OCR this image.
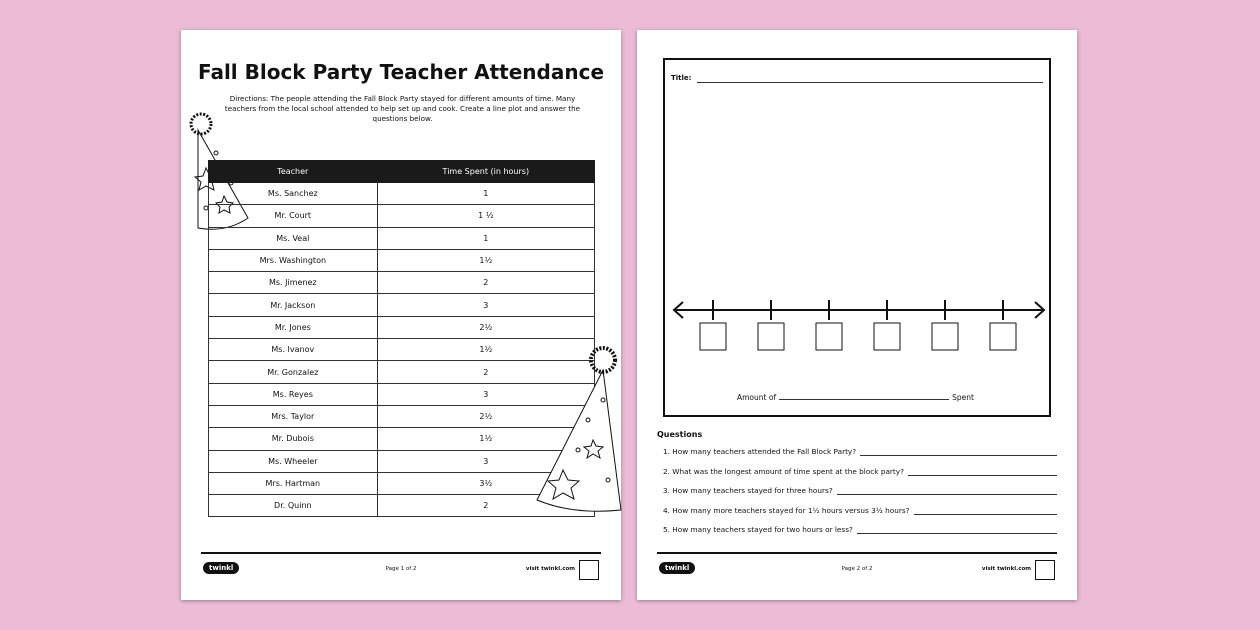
Fall Block Party Teacher Attendance
Directions: The people attending the Fall Block Party stayed for different amounts of time. Many teachers from the local school attended to help set up and cook. Create a line plot and answer the questions below.
Teacher	Time Spent (in hours)
Ms. Sanchez	1
Mr. Court	1 ½
Ms. Veal	1
Mrs. Washington	1½
Ms. Jimenez	2
Mr. Jackson	3
Mr. Jones	2½
Ms. Ivanov	1½
Mr. Gonzalez	2
Ms. Reyes	3
Mrs. Taylor	2½
Mr. Dubois	1½
Ms. Wheeler	3
Mrs. Hartman	3½
Dr. Quinn	2
twinkl	Page 1 of 2	visit twinkl.com
Title:
Amount of	Spent
Questions
1. How many teachers attended the Fall Block Party?
2. What was the longest amount of time spent at the block party?
3. How many teachers stayed for three hours?
4. How many more teachers stayed for 1½ hours versus 3½ hours?
5. How many teachers stayed for two hours or less?
twinkl	Page 2 of 2	visit twinkl.com
